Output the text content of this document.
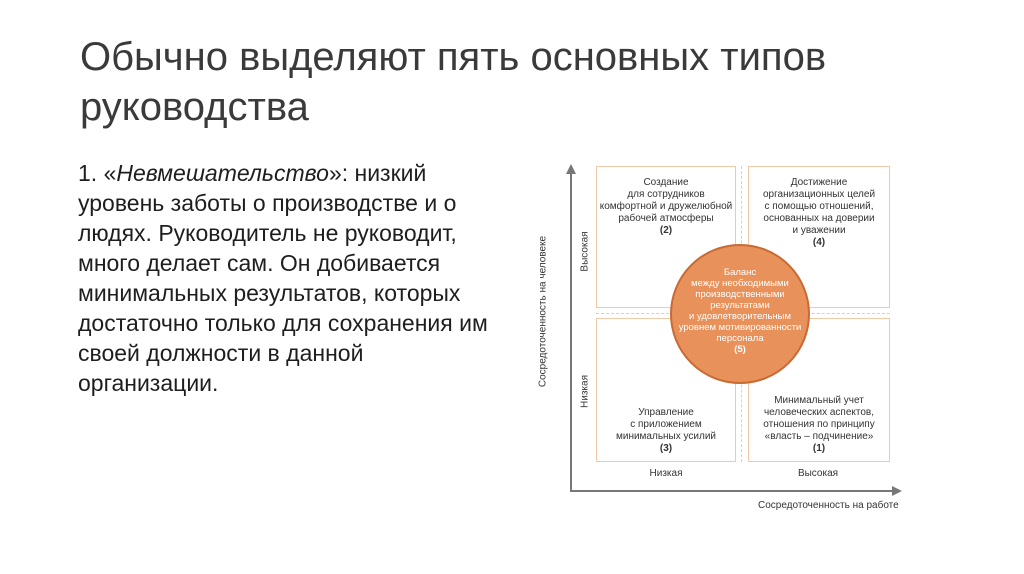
Обычно выделяют пять основных типов
руководства
1. «Невмешательство»: низкий уровень заботы о производстве и о людях. Руководитель не руководит, много делает сам. Он добивается минимальных результатов, которых достаточно только для сохранения им своей должности в данной организации.	Сосредоточенность на человеке	Высокая
Низкая
Низкая	Высокая
Сосредоточенность на работе
Создание
для сотрудников
комфортной и дружелюбной
рабочей атмосферы
(2)
Достижение
организационных целей
с помощью отношений,
основанных на доверии
и уважении
(4)
Управление
с приложением
минимальных усилий
(3)
Минимальный учет
человеческих аспектов,
отношения по принципу
«власть – подчинение»
(1)
Баланс
между необходимыми
производственными
результатами
и удовлетворительным
уровнем мотивированности
персонала
(5)
